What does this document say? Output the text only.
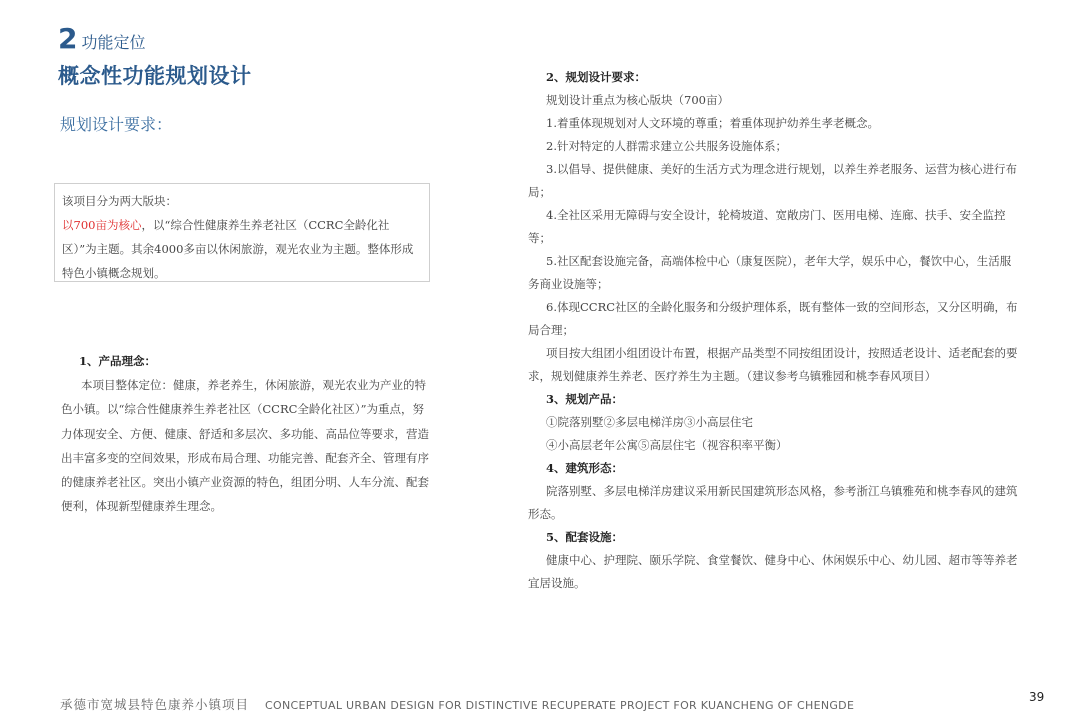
2 功能定位
概念性功能规划设计
规划设计要求：
该项目分为两大版块：
以700亩为核心，以“综合性健康养生养老社区（CCRC全龄化社区）”为主题。其余4000多亩以休闲旅游，观光农业为主题。整体形成特色小镇概念规划。
1、产品理念：
本项目整体定位：健康，养老养生，休闲旅游，观光农业为产业的特色小镇。以“综合性健康养生养老社区（CCRC全龄化社区）”为重点，努力体现安全、方便、健康、舒适和多层次、多功能、高品位等要求，营造出丰富多变的空间效果，形成布局合理、功能完善、配套齐全、管理有序的健康养老社区。突出小镇产业资源的特色，组团分明、人车分流、配套便利，体现新型健康养生理念。
2、规划设计要求：
规划设计重点为核心版块（700亩）
1.着重体现规划对人文环境的尊重；着重体现护幼养生孝老概念。
2.针对特定的人群需求建立公共服务设施体系；
3.以倡导、提供健康、美好的生活方式为理念进行规划，以养生养老服务、运营为核心进行布局；
4.全社区采用无障碍与安全设计，轮椅坡道、宽敞房门、医用电梯、连廊、扶手、安全监控等；
5.社区配套设施完备，高端体检中心（康复医院），老年大学，娱乐中心，餐饮中心，生活服务商业设施等；
6.体现CCRC社区的全龄化服务和分级护理体系，既有整体一致的空间形态，又分区明确，布局合理；
项目按大组团小组团设计布置，根据产品类型不同按组团设计，按照适老设计、适老配套的要求，规划健康养生养老、医疗养生为主题。（建议参考乌镇雅园和桃李春风项目）
3、规划产品：
①院落别墅②多层电梯洋房③小高层住宅
④小高层老年公寓⑤高层住宅（视容积率平衡）
4、建筑形态：
院落别墅、多层电梯洋房建议采用新民国建筑形态风格，参考浙江乌镇雅苑和桃李春风的建筑形态。
5、配套设施：
健康中心、护理院、颐乐学院、食堂餐饮、健身中心、休闲娱乐中心、幼儿园、超市等等养老宜居设施。
承德市宽城县特色康养小镇项目 CONCEPTUAL URBAN DESIGN FOR DISTINCTIVE RECUPERATE PROJECT FOR KUANCHENG OF CHENGDE
39
